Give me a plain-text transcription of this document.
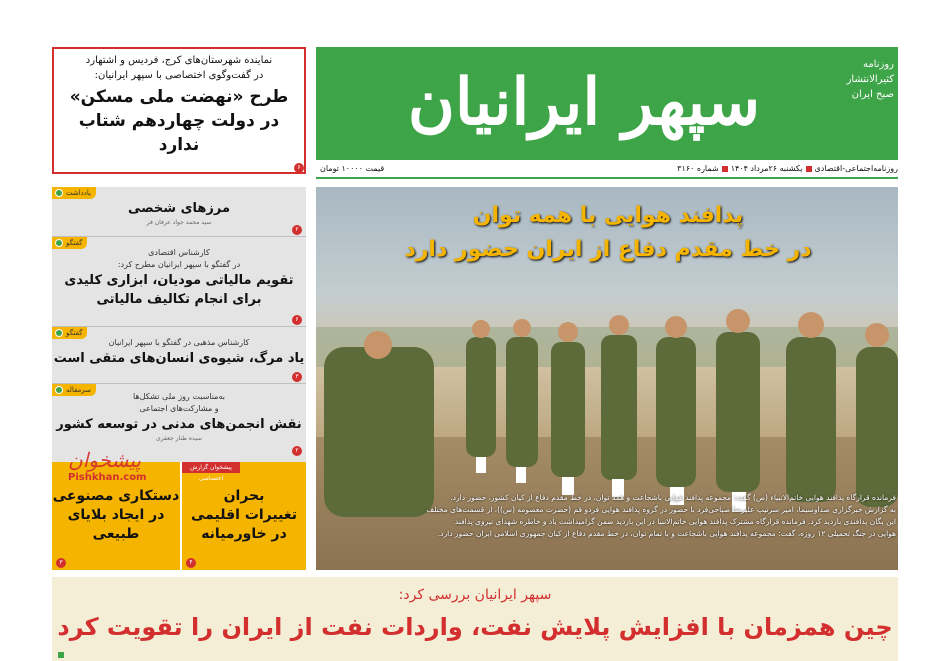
سپهر ایرانیان
روزنامه
کثیرالانتشار
صبح ایران
روزنامه‌اجتماعی-اقتصادییکشنبه ۲۶مرداد ۱۴۰۴شماره ۳۱۶۰
قیمت ۱۰۰۰۰ تومان
نماینده شهرستان‌های کرج، فردیس و اشتهارد
در گفت‌وگوی اختصاصی با سپهر ایرانیان:
طرح «نهضت ملی مسکن»
در دولت چهاردهم شتاب ندارد
۶
یادداشت
مرزهای شخصی
سید محمد جواد عرفان فر
۲
گفتگو
کارشناس اقتصادی
در گفتگو با سپهر ایرانیان مطرح کرد:
تقویم مالیاتی مودیان، ابزاری کلیدی
برای انجام تکالیف مالیاتی
۶
گفتگو
کارشناس مذهبی در گفتگو با سپهر ایرانیان
یاد مرگ، شیوه‌ی انسان‌های متقی است
۳
سرمقاله
به‌مناسبت روز ملی تشکل‌ها
و مشارکت‌های اجتماعی
نقش انجمن‌های مدنی در توسعه کشور
سیده طناز جعفری
۲
بحران
تغییرات اقلیمی
در خاورمیانه
۴
دستکاری مصنوعی
در ایجاد بلایای
طبیعی
۳
پیشخوان گزارش اختصاصی
پیشخوان
Pishkhan.com
پدافند هوایی با همه توان
در خط مقدم دفاع از ایران حضور دارد
فرمانده قرارگاه پدافند هوایی خاتم‌الانبیاء (ص) گفت: مجموعه پدافند هوایی باشجاعت و همه توان، در خط مقدم دفاع از کیان کشور، حضور دارد.
به گزارش خبرگزاری صداوسیما، امیر سرتیپ علیرضا صباحی‌فرد با حضور در گروه پدافند هوایی فردو قم (حضرت معصومه (س))، از قسمت‌های مختلف
این یگان پدافندی بازدید کرد. فرمانده قرارگاه مشترک پدافند هوایی خاتم‌الانبیا در این بازدید ضمن گرامیداشت یاد و خاطره شهدای نیروی پدافند
هوایی در جنگ تحمیلی ۱۲ روزه، گفت: مجموعه پدافند هوایی باشجاعت و با تمام توان، در خط مقدم دفاع از کیان جمهوری اسلامی ایران حضور دارد.
سپهر ایرانیان بررسی کرد:
چین همزمان با افزایش پلایش نفت، واردات نفت از ایران را تقویت کرد
